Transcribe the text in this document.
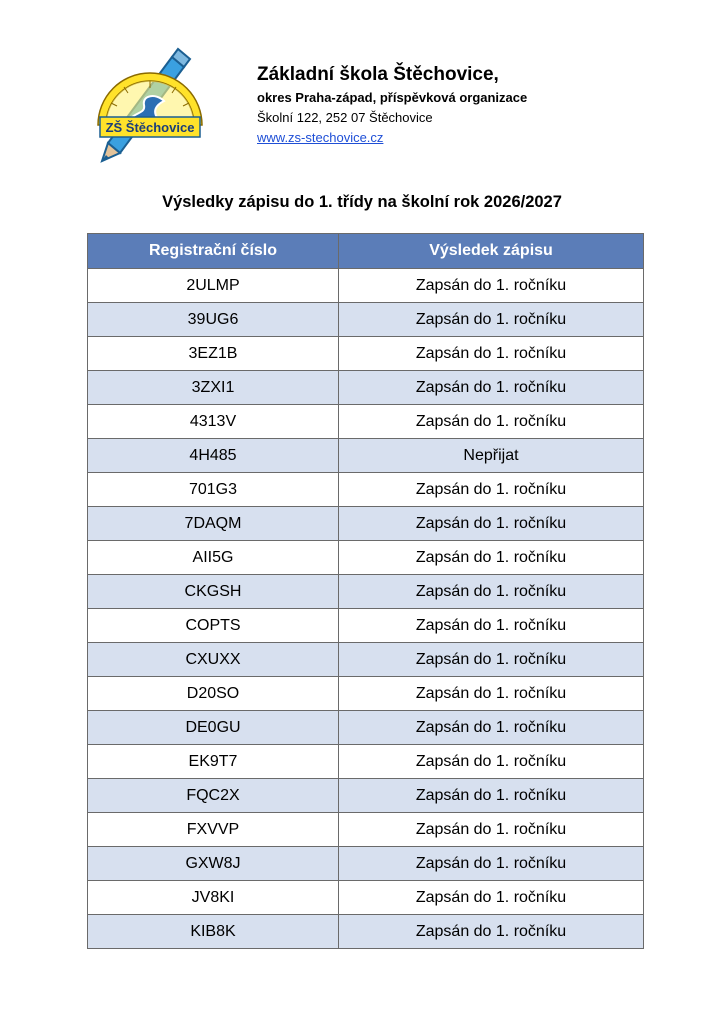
ZŠ Štěchovice
Základní škola Štěchovice,
okres Praha-západ, příspěvková organizace
Školní 122, 252 07 Štěchovice
www.zs-stechovice.cz
Výsledky zápisu do 1. třídy na školní rok 2026/2027
Registrační číslo	Výsledek zápisu
2ULMP	Zapsán do 1. ročníku
39UG6	Zapsán do 1. ročníku
3EZ1B	Zapsán do 1. ročníku
3ZXI1	Zapsán do 1. ročníku
4313V	Zapsán do 1. ročníku
4H485	Nepřijat
701G3	Zapsán do 1. ročníku
7DAQM	Zapsán do 1. ročníku
AII5G	Zapsán do 1. ročníku
CKGSH	Zapsán do 1. ročníku
COPTS	Zapsán do 1. ročníku
CXUXX	Zapsán do 1. ročníku
D20SO	Zapsán do 1. ročníku
DE0GU	Zapsán do 1. ročníku
EK9T7	Zapsán do 1. ročníku
FQC2X	Zapsán do 1. ročníku
FXVVP	Zapsán do 1. ročníku
GXW8J	Zapsán do 1. ročníku
JV8KI	Zapsán do 1. ročníku
KIB8K	Zapsán do 1. ročníku
